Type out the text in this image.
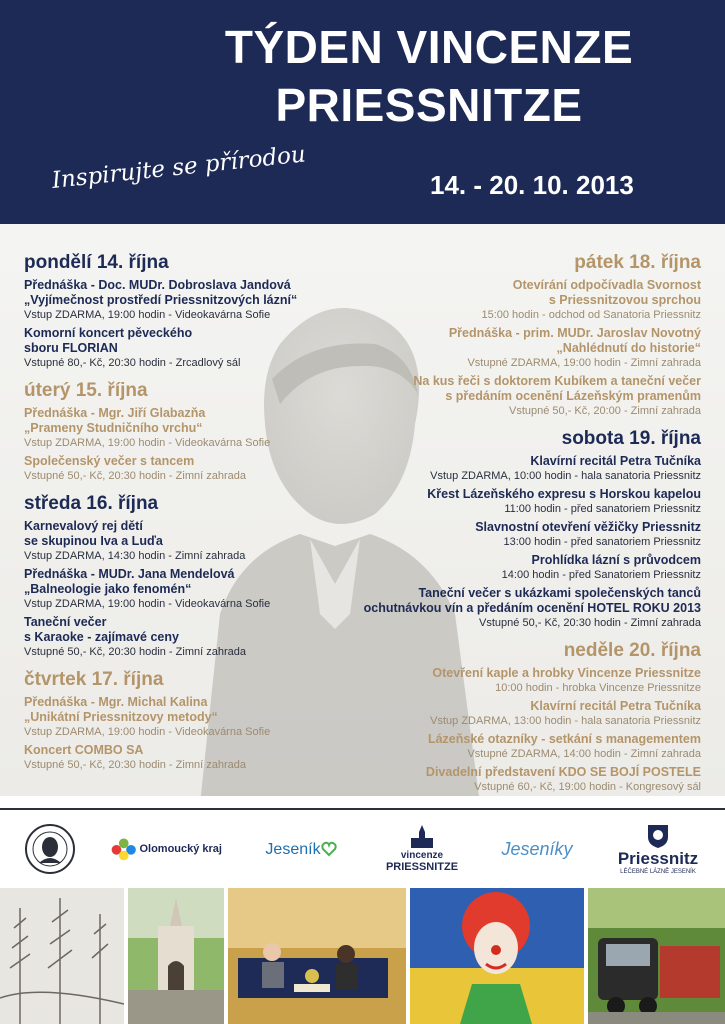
TÝDEN VINCENZE
PRIESSNITZE
Inspirujte se přírodou	14. - 20. 10. 2013
pondělí 14. října
Přednáška - Doc. MUDr. Dobroslava Jandová
„Vyjímečnost prostředí Priessnitzových lázní“
Vstup ZDARMA, 19:00 hodin - Videokavárna Sofie
Komorní koncert pěveckého
sboru FLORIAN
Vstupné 80,- Kč, 20:30 hodin - Zrcadlový sál
úterý 15. října
Přednáška - Mgr. Jiří Glabazňa
„Prameny Studničního vrchu“
Vstup ZDARMA, 19:00 hodin - Videokavárna Sofie
Společenský večer s tancem
Vstupné 50,- Kč, 20:30 hodin - Zimní zahrada
středa 16. října
Karnevalový rej dětí
se skupinou Iva a Luďa
Vstup ZDARMA, 14:30 hodin - Zimní zahrada
Přednáška - MUDr. Jana Mendelová
„Balneologie jako fenomén“
Vstup ZDARMA, 19:00 hodin - Videokavárna Sofie
Taneční večer
s Karaoke - zajímavé ceny
Vstupné 50,- Kč, 20:30 hodin - Zimní zahrada
čtvrtek 17. října
Přednáška - Mgr. Michal Kalina
„Unikátní Priessnitzovy metody“
Vstup ZDARMA, 19:00 hodin - Videokavárna Sofie
Koncert COMBO SA
Vstupné 50,- Kč, 20:30 hodin - Zimní zahrada
pátek 18. října
Otevírání odpočívadla Svornost
s Priessnitzovou sprchou
15:00 hodin - odchod od Sanatoria Priessnitz
Přednáška - prim. MUDr. Jaroslav Novotný
„Nahlédnutí do historie“
Vstupné ZDARMA, 19:00 hodin - Zimní zahrada
Na kus řeči s doktorem Kubíkem a taneční večer
s předáním ocenění Lázeňským pramenům
Vstupné 50,- Kč, 20:00 - Zimní zahrada
sobota 19. října
Klavírní recitál Petra Tučníka
Vstup ZDARMA, 10:00 hodin - hala sanatoria Priessnitz
Křest Lázeňského expresu s Horskou kapelou
11:00 hodin - před sanatoriem Priessnitz
Slavnostní otevření věžičky Priessnitz
13:00 hodin - před sanatoriem Priessnitz
Prohlídka lázní s průvodcem
14:00 hodin - před Sanatoriem Priessnitz
Taneční večer s ukázkami společenských tanců
ochutnávkou vín a předáním ocenění HOTEL ROKU 2013
Vstupné 50,- Kč, 20:30 hodin - Zimní zahrada
neděle 20. října
Otevření kaple a hrobky Vincenze Priessnitze
10:00 hodin - hrobka Vincenze Priessnitze
Klavírní recitál Petra Tučníka
Vstup ZDARMA, 13:00 hodin - hala sanatoria Priessnitz
Lázeňské otazníky - setkání s managementem
Vstupné ZDARMA, 14:00 hodin - Zimní zahrada
Divadelní představení KDO SE BOJÍ POSTELE
Vstupné 60,- Kč, 19:00 hodin - Kongresový sál
Olomoucký kraj	Jeseník	vincenze
PRIESSNITZE
Jeseníky	Priessnitz
LÉČEBNÉ LÁZNĚ JESENÍK
